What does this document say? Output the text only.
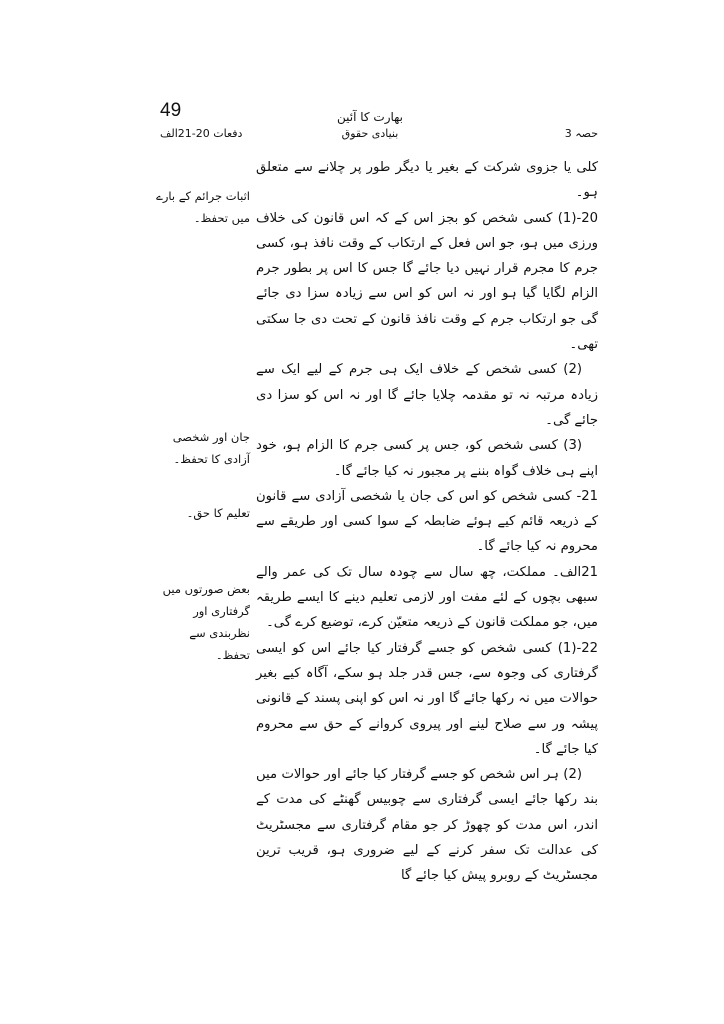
49	بھارت کا آئین
بنیادی حقوق
دفعات 20-21الف	حصہ 3
اثبات جرائم کے بارے میں تحفظ۔
جان اور شخصی آزادی کا تحفظ۔
تعلیم کا حق۔
بعض صورتوں میں گرفتاری اور نظربندی سے تحفظ۔

کلی یا جزوی شرکت کے بغیر یا دیگر طور پر چلانے سے متعلق ہو۔

20-(1) کسی شخص کو بجز اس کے کہ اس قانون کی خلاف ورزی میں ہو، جو اس فعل کے ارتکاب کے وقت نافذ ہو، کسی جرم کا مجرم قرار نہیں دیا جائے گا جس کا اس پر بطور جرم الزام لگایا گیا ہو اور نہ اس کو اس سے زیادہ سزا دی جائے گی جو ارتکاب جرم کے وقت نافذ قانون کے تحت دی جا سکتی تھی۔

(2) کسی شخص کے خلاف ایک ہی جرم کے لیے ایک سے زیادہ مرتبہ نہ تو مقدمہ چلایا جائے گا اور نہ اس کو سزا دی جائے گی۔

(3) کسی شخص کو، جس پر کسی جرم کا الزام ہو، خود اپنے ہی خلاف گواہ بننے پر مجبور نہ کیا جائے گا۔

21- کسی شخص کو اس کی جان یا شخصی آزادی سے قانون کے ذریعہ قائم کیے ہوئے ضابطہ کے سوا کسی اور طریقے سے محروم نہ کیا جائے گا۔

21الف۔ مملکت، چھ سال سے چودہ سال تک کی عمر والے سبھی بچوں کے لئے مفت اور لازمی تعلیم دینے کا ایسے طریقہ میں، جو مملکت قانون کے ذریعہ متعیّن کرے، توضیع کرے گی۔

22-(1) کسی شخص کو جسے گرفتار کیا جائے اس کو ایسی گرفتاری کی وجوہ سے، جس قدر جلد ہو سکے، آگاہ کیے بغیر حوالات میں نہ رکھا جائے گا اور نہ اس کو اپنی پسند کے قانونی پیشہ ور سے صلاح لینے اور پیروی کروانے کے حق سے محروم کیا جائے گا۔

(2) ہر اس شخص کو جسے گرفتار کیا جائے اور حوالات میں بند رکھا جائے ایسی گرفتاری سے چوبیس گھنٹے کی مدت کے اندر، اس مدت کو چھوڑ کر جو مقام گرفتاری سے مجسٹریٹ کی عدالت تک سفر کرنے کے لیے ضروری ہو، قریب ترین مجسٹریٹ کے روبرو پیش کیا جائے گا
